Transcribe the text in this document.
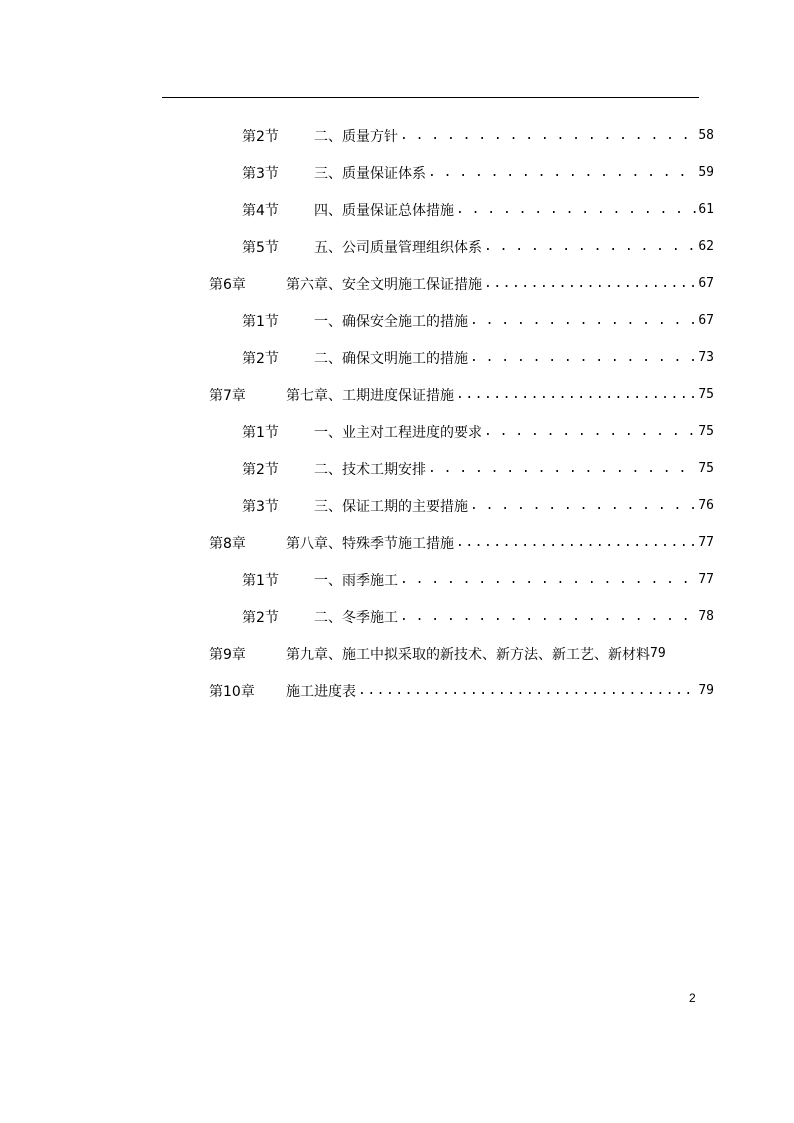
第2节	二、质量方针 . . .	58
第3节	三、质量保证体系 . . .	59
第4节	四、质量保证总体措施 . . .	61
第5节	五、公司质量管理组织体系 . . .	62
第6章	第六章、安全文明施工保证措施 .....	67
第1节	一、确保安全施工的措施 . . .	67
第2节	二、确保文明施工的措施 . . .	73
第7章	第七章、工期进度保证措施 .....	75
第1节	一、业主对工程进度的要求 . . .	75
第2节	二、技术工期安排 . . .	75
第3节	三、保证工期的主要措施 . . .	76
第8章	第八章、特殊季节施工措施 .....	77
第1节	一、雨季施工 . . .	77
第2节	二、冬季施工 . . .	78
第9章	第九章、施工中拟采取的新技术、新方法、新工艺、新材料 79
第10章	施工进度表 .....	79
2
